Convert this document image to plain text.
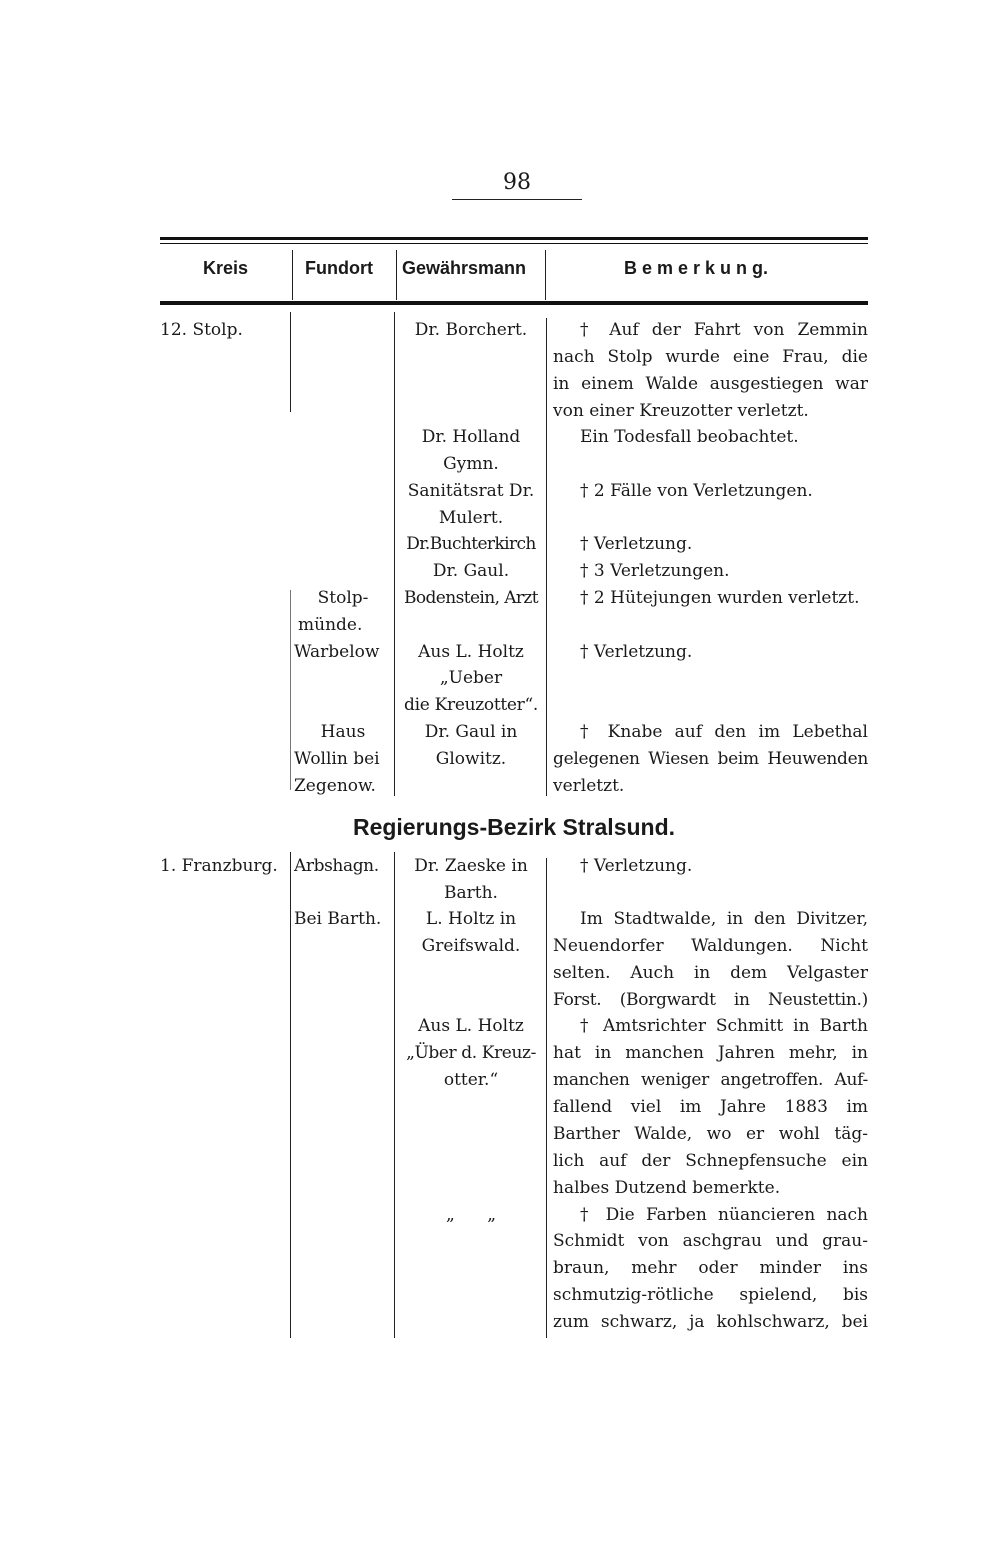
98
Kreis	Fundort Gewährsmann	B e m e r k u n g.
12. Stolp.
Stolp-
münde.
Warbelow
Haus
Wollin bei
Zegenow.
Dr. Borchert.
Dr. Holland
Gymn.
Sanitätsrat Dr.
Mulert.
Dr.Buchterkirch
Dr. Gaul.
Bodenstein, Arzt
Aus L. Holtz
„Ueber
die Kreuzotter“.
Dr. Gaul in
Glowitz.
† Auf der Fahrt von Zemmin
nach Stolp wurde eine Frau, die
in einem Walde ausgestiegen war
von einer Kreuzotter verletzt.
Ein Todesfall beobachtet.
† 2 Fälle von Verletzungen.
† Verletzung.
† 3 Verletzungen.
† 2 Hütejungen wurden verletzt.
† Verletzung.
† Knabe auf den im Lebethal
gelegenen Wiesen beim Heuwenden
verletzt.
Regierungs-Bezirk Stralsund.
1. Franzburg. Arbshagn.
Bei Barth.
Dr. Zaeske in
Barth.
L. Holtz in
Greifswald.
Aus L. Holtz
„Über d. Kreuz-
otter.“
„      „
† Verletzung.
Im Stadtwalde, in den Divitzer,
Neuendorfer Waldungen. Nicht
selten. Auch in dem Velgaster
Forst. (Borgwardt in Neustettin.)
† Amtsrichter Schmitt in Barth
hat in manchen Jahren mehr, in
manchen weniger angetroffen. Auf-
fallend viel im Jahre 1883 im
Barther Walde, wo er wohl täg-
lich auf der Schnepfensuche ein
halbes Dutzend bemerkte.
† Die Farben nüancieren nach
Schmidt von aschgrau und grau-
braun, mehr oder minder ins
schmutzig-rötliche spielend, bis
zum schwarz, ja kohlschwarz, bei
